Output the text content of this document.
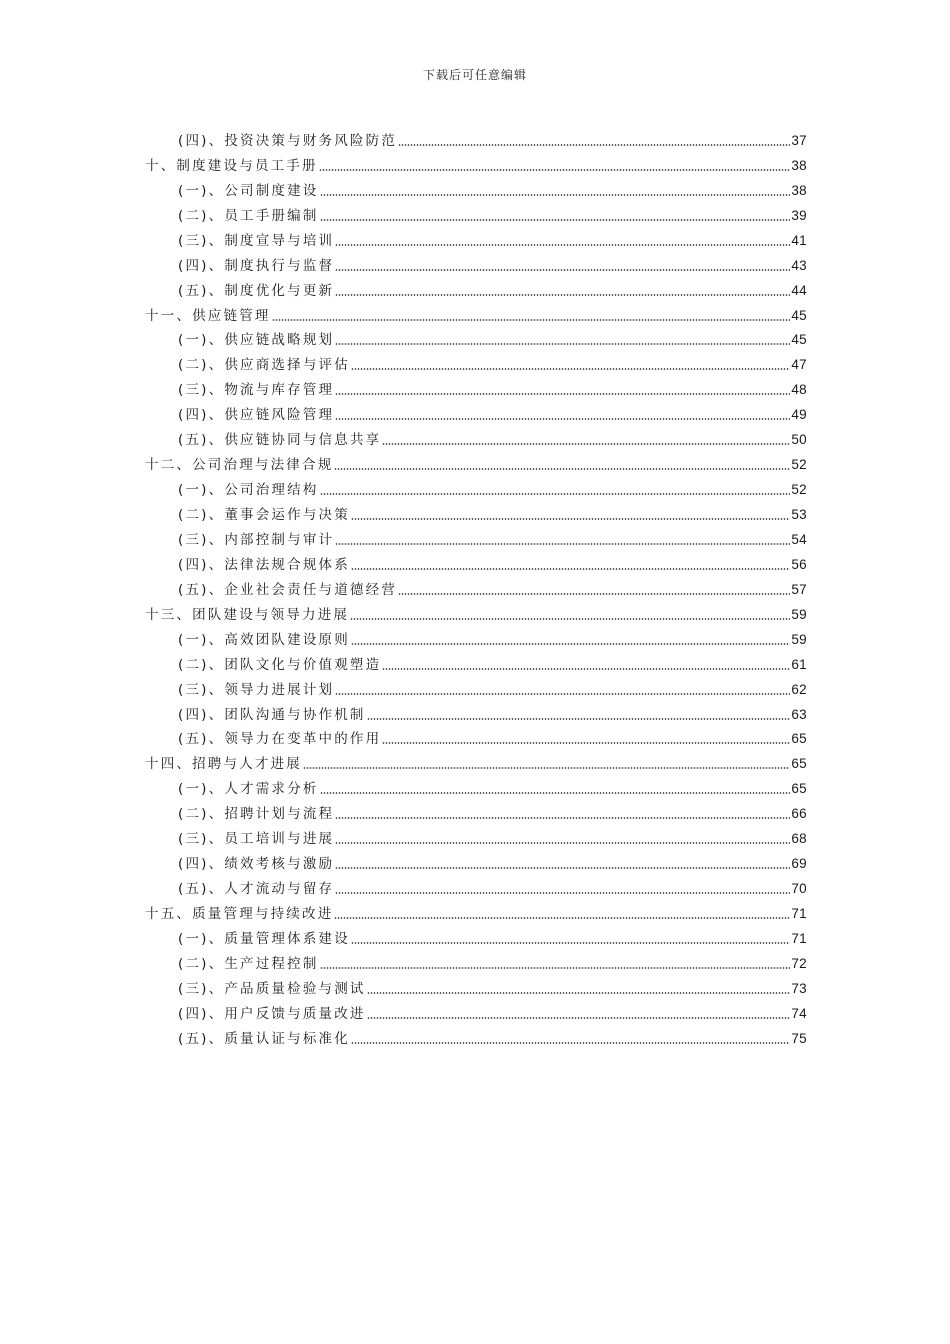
下载后可任意编辑
(四)、投资决策与财务风险防范	37
十、制度建设与员工手册	38
(一)、公司制度建设	38
(二)、员工手册编制	39
(三)、制度宣导与培训	41
(四)、制度执行与监督	43
(五)、制度优化与更新	44
十一、供应链管理	45
(一)、供应链战略规划	45
(二)、供应商选择与评估	47
(三)、物流与库存管理	48
(四)、供应链风险管理	49
(五)、供应链协同与信息共享	50
十二、公司治理与法律合规	52
(一)、公司治理结构	52
(二)、董事会运作与决策	53
(三)、内部控制与审计	54
(四)、法律法规合规体系	56
(五)、企业社会责任与道德经营	57
十三、团队建设与领导力进展	59
(一)、高效团队建设原则	59
(二)、团队文化与价值观塑造	61
(三)、领导力进展计划	62
(四)、团队沟通与协作机制	63
(五)、领导力在变革中的作用	65
十四、招聘与人才进展	65
(一)、人才需求分析	65
(二)、招聘计划与流程	66
(三)、员工培训与进展	68
(四)、绩效考核与激励	69
(五)、人才流动与留存	70
十五、质量管理与持续改进	71
(一)、质量管理体系建设	71
(二)、生产过程控制	72
(三)、产品质量检验与测试	73
(四)、用户反馈与质量改进	74
(五)、质量认证与标准化	75
